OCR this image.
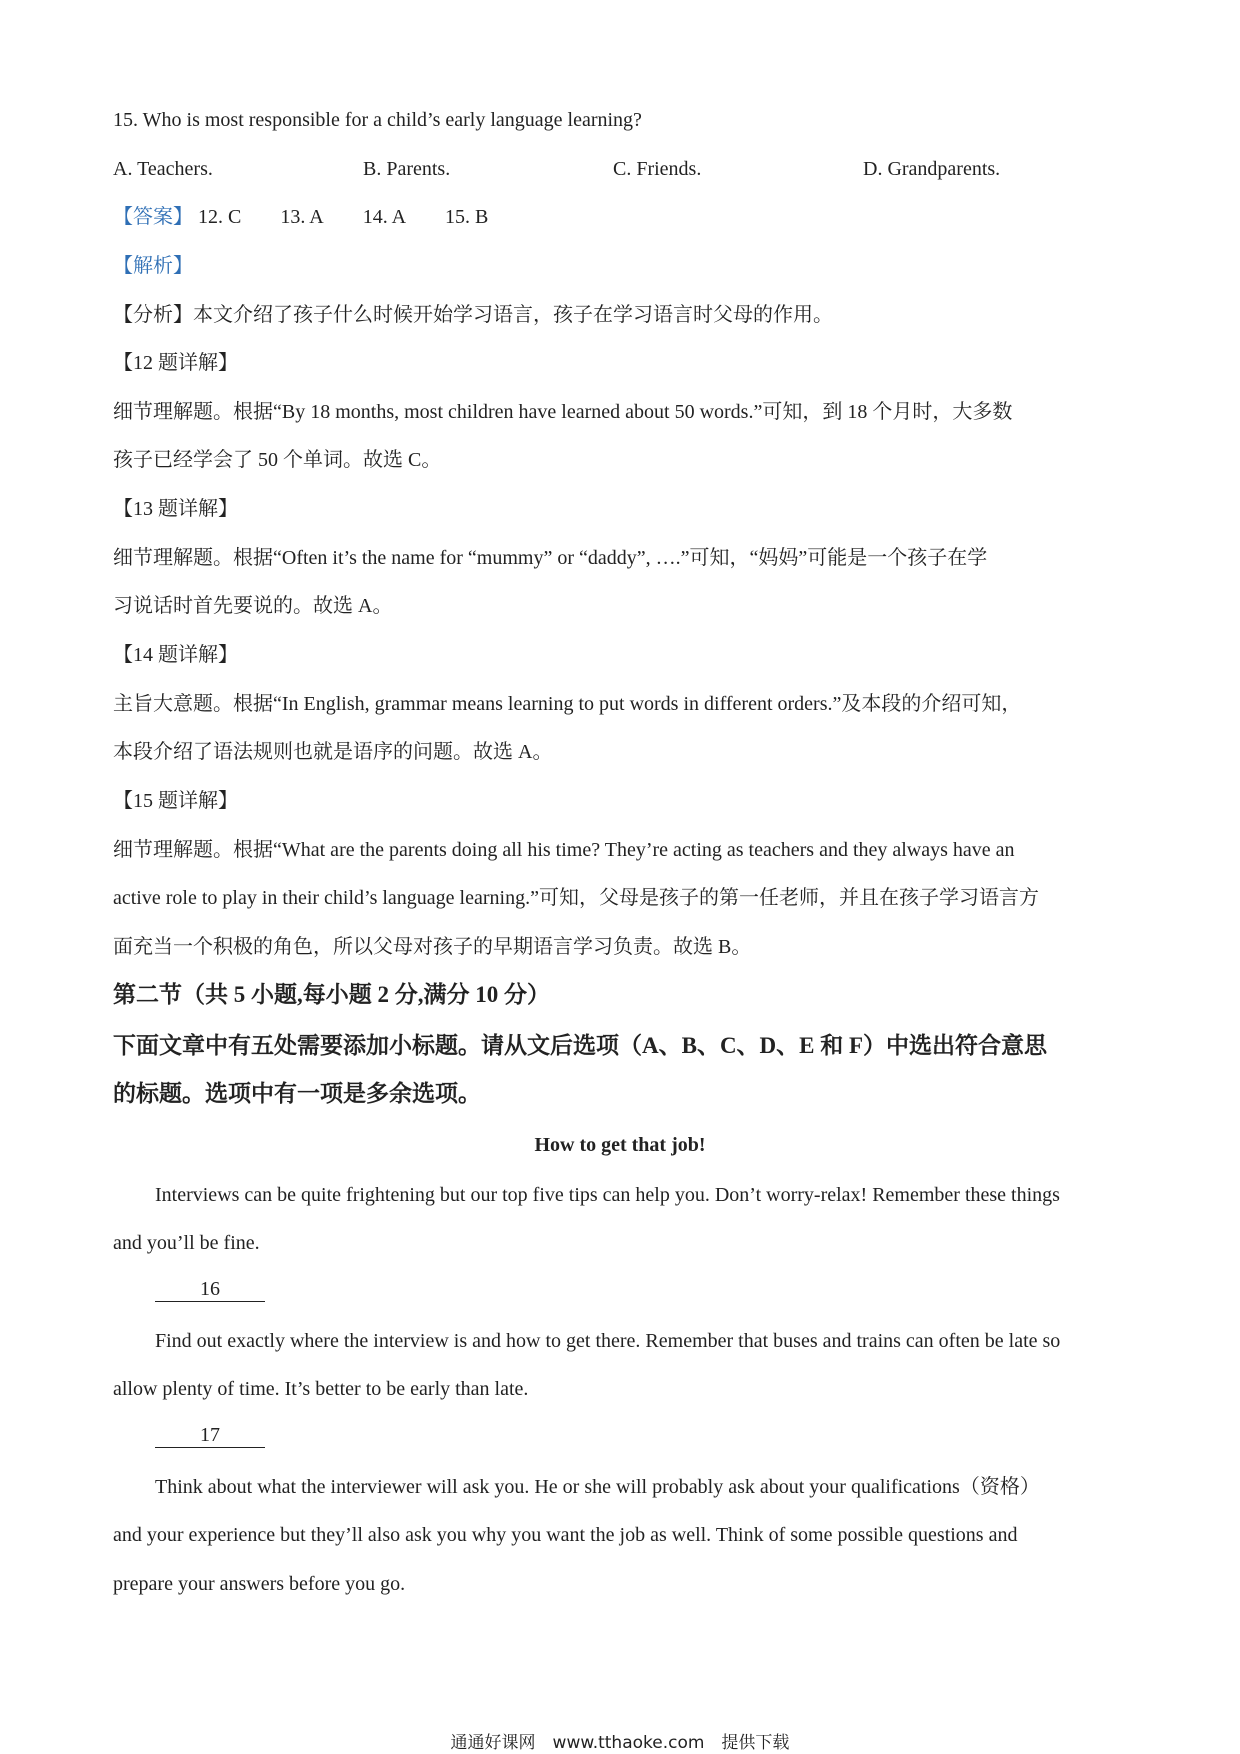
15. Who is most responsible for a child’s early language learning?
A. Teachers.	B. Parents.	C. Friends.	D. Grandparents.
【答案】 12. C 13. A 14. A 15. B
【解析】
【分析】本文介绍了孩子什么时候开始学习语言，孩子在学习语言时父母的作用。
【12 题详解】
细节理解题。根据“By 18 months, most children have learned about 50 words.”可知，到 18 个月时，大多数
孩子已经学会了 50 个单词。故选 C。
【13 题详解】
细节理解题。根据“Often it’s the name for “mummy” or “daddy”, ….”可知，“妈妈”可能是一个孩子在学
习说话时首先要说的。故选 A。
【14 题详解】
主旨大意题。根据“In English, grammar means learning to put words in different orders.”及本段的介绍可知，
本段介绍了语法规则也就是语序的问题。故选 A。
【15 题详解】
细节理解题。根据“What are the parents doing all his time? They’re acting as teachers and they always have an
active role to play in their child’s language learning.”可知，父母是孩子的第一任老师，并且在孩子学习语言方
面充当一个积极的角色，所以父母对孩子的早期语言学习负责。故选 B。
第二节（共 5 小题,每小题 2 分,满分 10 分）
下面文章中有五处需要添加小标题。请从文后选项（A、B、C、D、E 和 F）中选出符合意思
的标题。选项中有一项是多余选项。
How to get that job!
Interviews can be quite frightening but our top five tips can help you. Don’t worry-relax! Remember these things
and you’ll be fine.
16
Find out exactly where the interview is and how to get there. Remember that buses and trains can often be late so
allow plenty of time. It’s better to be early than late.
17
Think about what the interviewer will ask you. He or she will probably ask about your qualifications（资格）
and your experience but they’ll also ask you why you want the job as well. Think of some possible questions and
prepare your answers before you go.
通通好课网　www.tthaoke.com　提供下载
